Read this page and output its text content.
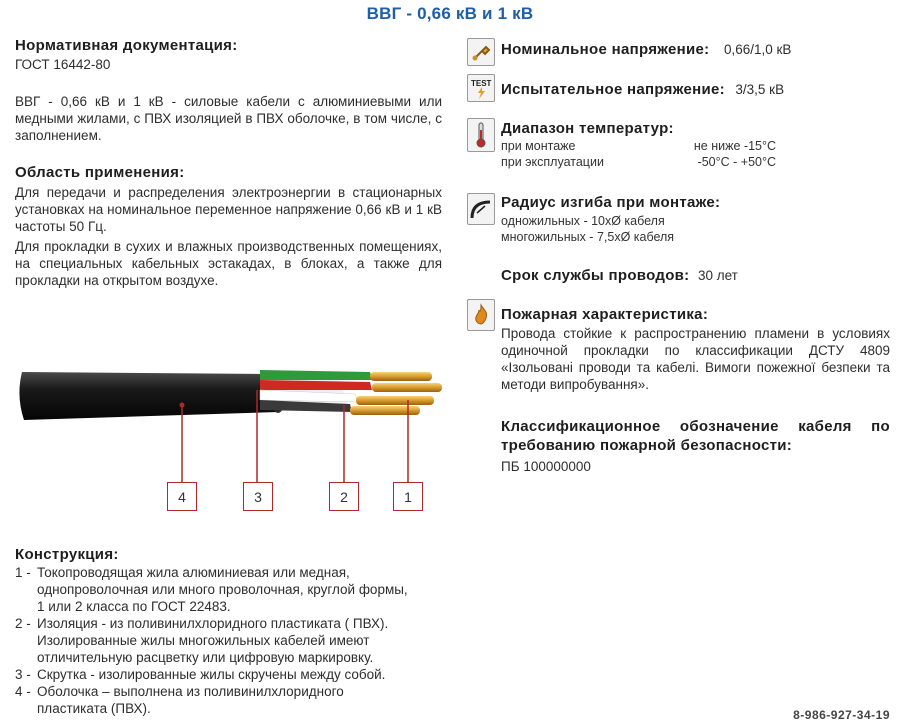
ВВГ - 0,66 кВ и 1 кВ
Нормативная документация:
ГОСТ 16442-80
ВВГ - 0,66 кВ и 1 кВ - силовые кабели с алюминиевыми или медными жилами, с ПВХ изоляцией в ПВХ оболочке, в том числе, с заполнением.
Область применения:
Для передачи и распределения электроэнергии в стационарных установках на номинальное переменное напряжение 0,66 кВ и 1 кВ частоты 50 Гц.
Для прокладки в сухих и влажных производственных помещениях, на специальных кабельных эстакадах, в блоках, а также для прокладки на открытом воздухе.
4	3	2	1
Конструкция:
1 - Токопроводящая жила алюминиевая или медная, однопроволочная или много проволочная, круглой формы, 1 или 2 класса по ГОСТ 22483.
2 - Изоляция - из поливинилхлоридного пластиката ( ПВХ). Изолированные жилы многожильных кабелей имеют отличительную расцветку или цифровую маркировку.
3 - Скрутка - изолированные жилы скручены между собой.
4 - Оболочка – выполнена из поливинилхлоридного пластиката (ПВХ).
Номинальное напряжение: 0,66/1,0 кВ
TEST Испытательное напряжение: 3/3,5 кВ
Диапазон температур:
при монтаже	не ниже -15°C
при эксплуатации	-50°C - +50°C
Радиус изгиба при монтаже:
одножильных - 10xØ кабеля
многожильных - 7,5xØ кабеля
Срок службы проводов: 30 лет
Пожарная характеристика:
Провода стойкие к распространению пламени в условиях одиночной прокладки по классификации ДСТУ 4809 «Ізольовані проводи та кабелі. Вимоги пожежної безпеки та методи випробування».
Классификационное обозначение кабеля по требованию пожарной безопасности:
ПБ 100000000
8-986-927-34-19
